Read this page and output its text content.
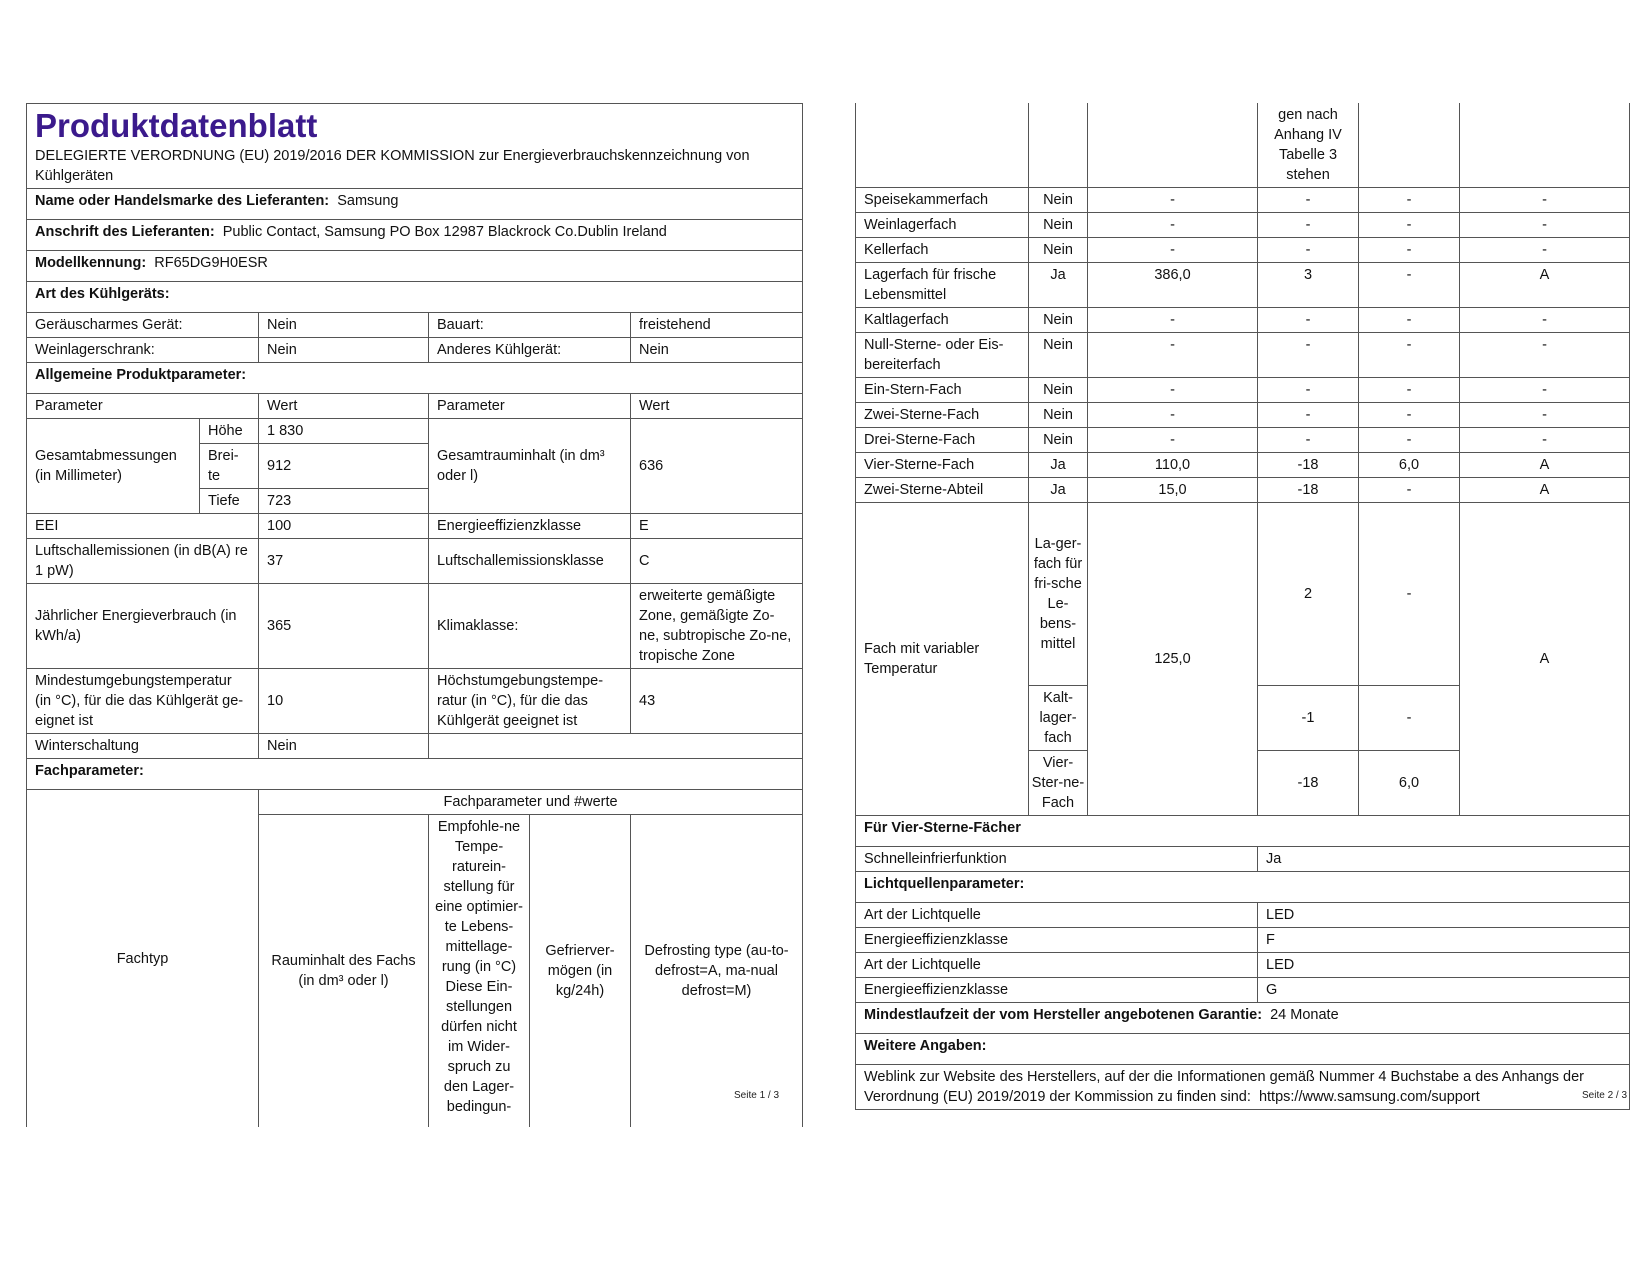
Produktdatenblatt
DELEGIERTE VERORDNUNG (EU) 2019/2016 DER KOMMISSION zur Energieverbrauchskennzeichnung von Kühlgeräten					

Name oder Handelsmarke des Lieferanten: Samsung					
Anschrift des Lieferanten: Public Contact, Samsung PO Box 12987 Blackrock Co.Dublin Ireland					
Modellkennung: RF65DG9H0ESR					
Art des Kühlgeräts:					
Geräuscharmes Gerät:		Nein	Bauart:		freistehend
Weinlagerschrank:		Nein	Anderes Kühlgerät:		Nein
Allgemeine Produktparameter:					
Parameter		Wert	Parameter		Wert
Gesamtabmessungen (in Millimeter)	Höhe	1 830	Gesamtrauminhalt (in dm³ oder l)		636
	Brei-te	912			
	Tiefe	723			
EEI		100	Energieeffizienzklasse		E
Luftschallemissionen (in dB(A) re 1 pW)		37	Luftschallemissionsklasse		C
Jährlicher Energieverbrauch (in kWh/a)		365	Klimaklasse:		erweiterte gemäßigte Zone, gemäßigte Zo-ne, subtropische Zo-ne, tropische Zone
Mindestumgebungstemperatur (in °C), für die das Kühlgerät ge-eignet ist		10	Höchstumgebungstempe-ratur (in °C), für die das Kühlgerät geeignet ist		43
Winterschaltung		Nein			
Fachparameter:					
Fachtyp		Fachparameter und #werte			
		Rauminhalt des Fachs (in dm³ oder l)	Empfohle-ne Tempe-raturein-stellung für eine optimier-te Lebens-mittellage-rung (in °C) Diese Ein-stellungen dürfen nicht im Wider-spruch zu den Lager-bedingun-	Gefrierver-mögen (in kg/24h)	Defrosting type (au-to-defrost=A, ma-nual defrost=M)
Seite 1 / 3
			gen nach Anhang IV Tabelle 3 stehen		
Speisekammerfach	Nein	-	-	-	-
Weinlagerfach	Nein	-	-	-	-
Kellerfach	Nein	-	-	-	-
Lagerfach für frische Lebensmittel	Ja	386,0	3	-	A
Kaltlagerfach	Nein	-	-	-	-
Null-Sterne- oder Eis-bereiterfach	Nein	-	-	-	-
Ein-Stern-Fach	Nein	-	-	-	-
Zwei-Sterne-Fach	Nein	-	-	-	-
Drei-Sterne-Fach	Nein	-	-	-	-
Vier-Sterne-Fach	Ja	110,0	-18	6,0	A
Zwei-Sterne-Abteil	Ja	15,0	-18	-	A
Fach mit variabler Temperatur	La-ger-fach für fri-sche Le-bens-mittel	125,0	2	-	A
	Kalt-lager-fach		-1	-	
	Vier-Ster-ne-Fach		-18	6,0	
Für Vier-Sterne-Fächer					
Schnelleinfrierfunktion			Ja		
Lichtquellenparameter:					
Art der Lichtquelle			LED		
Energieeffizienzklasse			F		
Art der Lichtquelle			LED		
Energieeffizienzklasse			G		
Mindestlaufzeit der vom Hersteller angebotenen Garantie: 24 Monate					
Weitere Angaben:					
Weblink zur Website des Herstellers, auf der die Informationen gemäß Nummer 4 Buchstabe a des Anhangs der Verordnung (EU) 2019/2019 der Kommission zu finden sind: https://www.samsung.com/support						Seite 2 / 3
